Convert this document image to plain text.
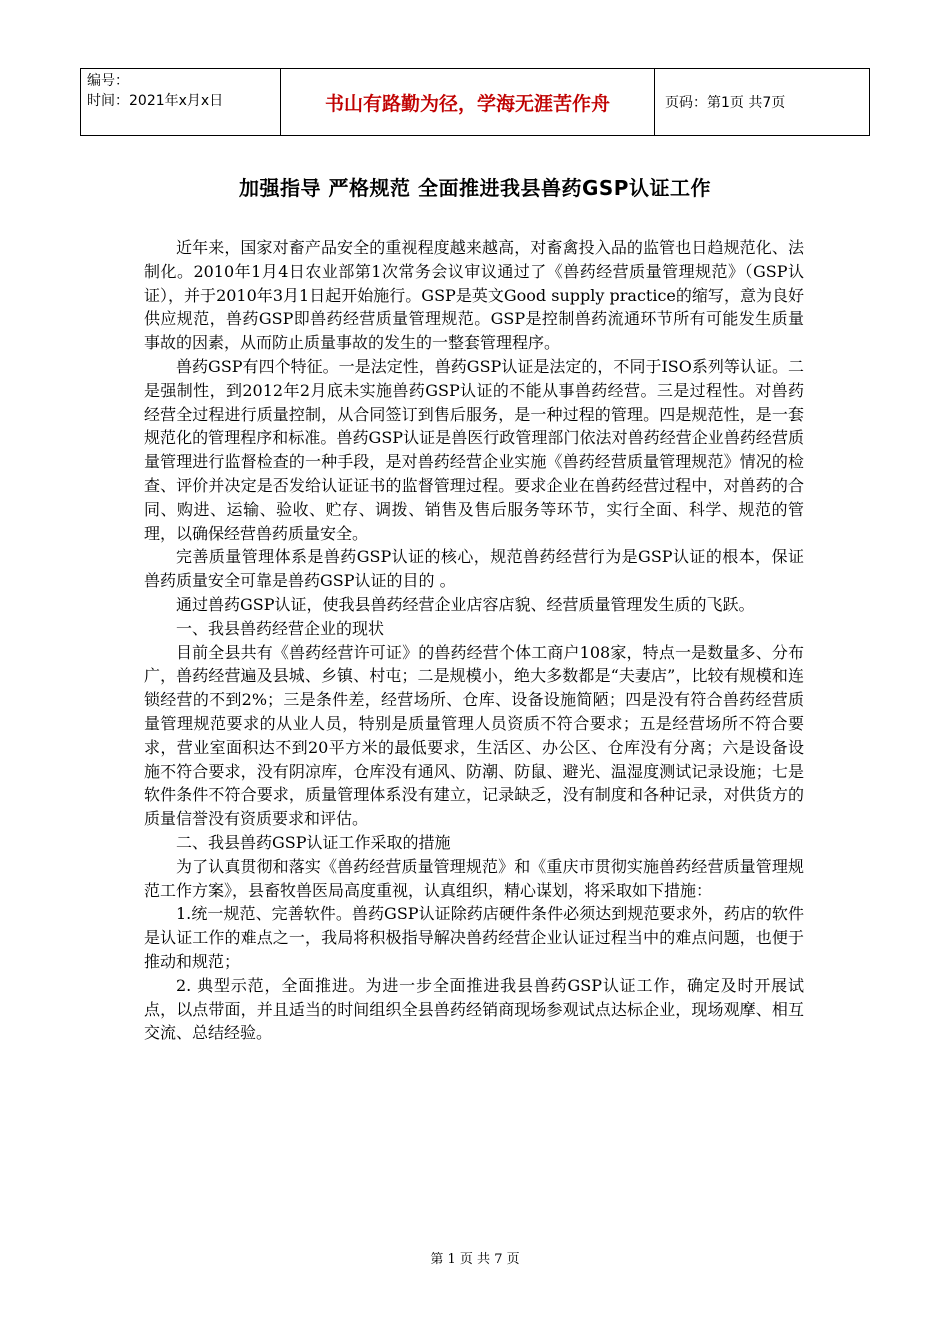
编号：
时间：2021年x月x日	书山有路勤为径，学海无涯苦作舟	页码：第1页 共7页
加强指导 严格规范 全面推进我县兽药GSP认证工作

近年来，国家对畜产品安全的重视程度越来越高，对畜禽投入品的监管也日趋规范化、法制化。2010年1月4日农业部第1次常务会议审议通过了《兽药经营质量管理规范》（GSP认证），并于2010年3月1日起开始施行。GSP是英文Good supply practice的缩写，意为良好供应规范，兽药GSP即兽药经营质量管理规范。GSP是控制兽药流通环节所有可能发生质量事故的因素，从而防止质量事故的发生的一整套管理程序。

兽药GSP有四个特征。一是法定性，兽药GSP认证是法定的，不同于ISO系列等认证。二是强制性，到2012年2月底未实施兽药GSP认证的不能从事兽药经营。三是过程性。对兽药经营全过程进行质量控制，从合同签订到售后服务，是一种过程的管理。四是规范性，是一套规范化的管理程序和标准。兽药GSP认证是兽医行政管理部门依法对兽药经营企业兽药经营质量管理进行监督检查的一种手段，是对兽药经营企业实施《兽药经营质量管理规范》情况的检查、评价并决定是否发给认证证书的监督管理过程。要求企业在兽药经营过程中，对兽药的合同、购进、运输、验收、贮存、调拨、销售及售后服务等环节，实行全面、科学、规范的管理，以确保经营兽药质量安全。

完善质量管理体系是兽药GSP认证的核心，规范兽药经营行为是GSP认证的根本，保证兽药质量安全可靠是兽药GSP认证的目的 。

通过兽药GSP认证，使我县兽药经营企业店容店貌、经营质量管理发生质的飞跃。

一、我县兽药经营企业的现状

目前全县共有《兽药经营许可证》的兽药经营个体工商户108家，特点一是数量多、分布广，兽药经营遍及县城、乡镇、村屯；二是规模小，绝大多数都是“夫妻店”，比较有规模和连锁经营的不到2%；三是条件差，经营场所、仓库、设备设施简陋；四是没有符合兽药经营质量管理规范要求的从业人员，特别是质量管理人员资质不符合要求；五是经营场所不符合要求，营业室面积达不到20平方米的最低要求，生活区、办公区、仓库没有分离；六是设备设施不符合要求，没有阴凉库，仓库没有通风、防潮、防鼠、避光、温湿度测试记录设施；七是软件条件不符合要求，质量管理体系没有建立，记录缺乏，没有制度和各种记录，对供货方的质量信誉没有资质要求和评估。

二、我县兽药GSP认证工作采取的措施

为了认真贯彻和落实《兽药经营质量管理规范》和《重庆市贯彻实施兽药经营质量管理规范工作方案》，县畜牧兽医局高度重视，认真组织，精心谋划，将采取如下措施：

1.统一规范、完善软件。兽药GSP认证除药店硬件条件必须达到规范要求外，药店的软件是认证工作的难点之一，我局将积极指导解决兽药经营企业认证过程当中的难点问题，也便于推动和规范；

2. 典型示范，全面推进。为进一步全面推进我县兽药GSP认证工作，确定及时开展试点，以点带面，并且适当的时间组织全县兽药经销商现场参观试点达标企业，现场观摩、相互交流、总结经验。

第 1 页 共 7 页
